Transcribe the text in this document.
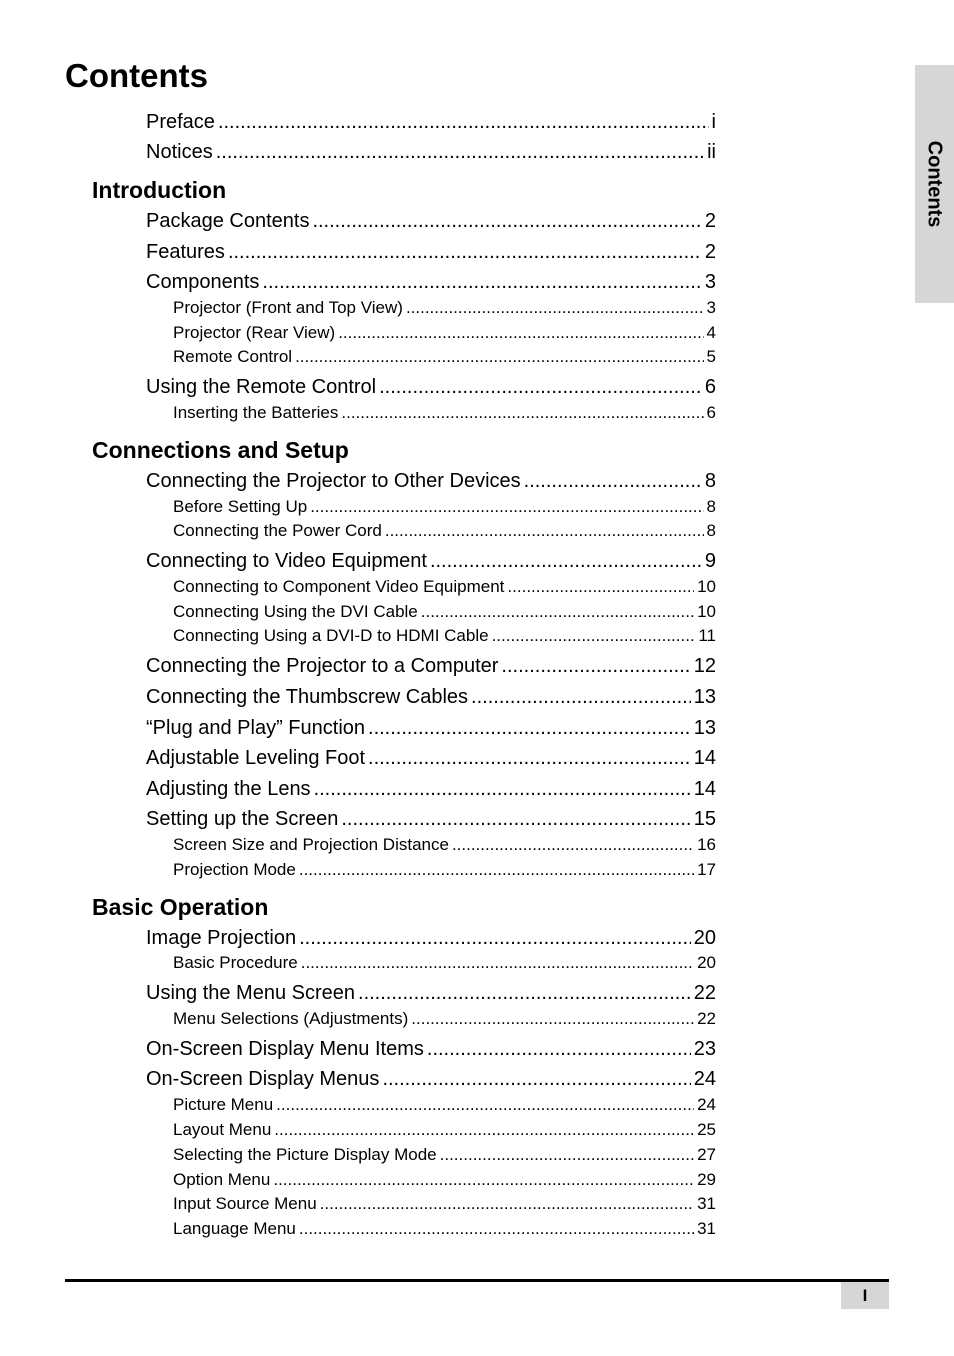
Contents
Contents
Preface .....	i
Notices .....	ii
Introduction
Package Contents .....	2
Features .....	2
Components .....	3
Projector (Front and Top View) .....	3
Projector (Rear View) .....	4
Remote Control .....	5
Using the Remote Control .....	6
Inserting the Batteries .....	6
Connections and Setup
Connecting the Projector to Other Devices .....	8
Before Setting Up .....	8
Connecting the Power Cord .....	8
Connecting to Video Equipment .....	9
Connecting to Component Video Equipment .....	10
Connecting Using the DVI Cable .....	10
Connecting Using a DVI-D to HDMI Cable .....	11
Connecting the Projector to a Computer .....	12
Connecting the Thumbscrew Cables .....	13
“Plug and Play” Function .....	13
Adjustable Leveling Foot .....	14
Adjusting the Lens .....	14
Setting up the Screen .....	15
Screen Size and Projection Distance .....	16
Projection Mode .....	17
Basic Operation
Image Projection .....	20
Basic Procedure .....	20
Using the Menu Screen .....	22
Menu Selections (Adjustments) .....	22
On-Screen Display Menu Items .....	23
On-Screen Display Menus .....	24
Picture Menu .....	24
Layout Menu .....	25
Selecting the Picture Display Mode .....	27
Option Menu .....	29
Input Source Menu .....	31
Language Menu .....	31
I
